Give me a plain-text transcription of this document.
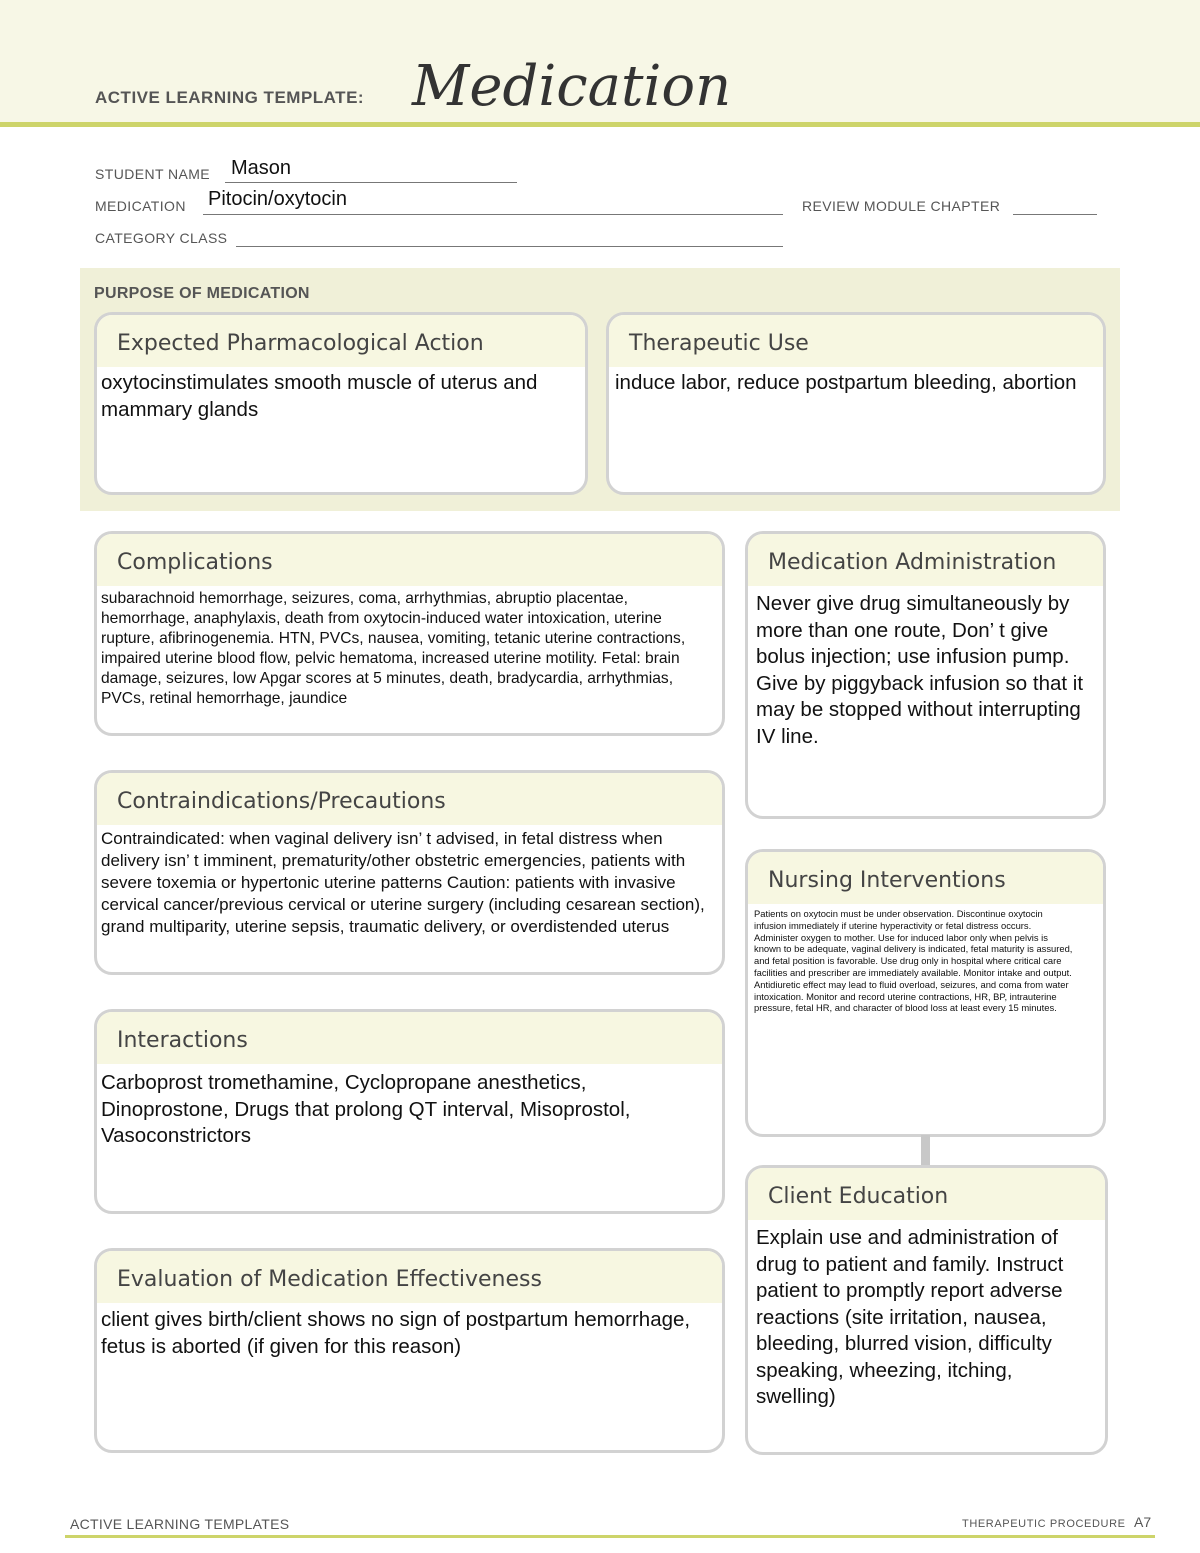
ACTIVE LEARNING TEMPLATE: Medication
STUDENT NAME Mason
MEDICATION Pitocin/oxytocin	REVIEW MODULE CHAPTER
CATEGORY CLASS
PURPOSE OF MEDICATION
Expected Pharmacological Action
oxytocinstimulates smooth muscle of uterus and mammary glands
Therapeutic Use
induce labor, reduce postpartum bleeding, abortion
Complications
subarachnoid hemorrhage, seizures, coma, arrhythmias, abruptio placentae, hemorrhage, anaphylaxis, death from oxytocin-induced water intoxication, uterine rupture, afibrinogenemia. HTN, PVCs, nausea, vomiting, tetanic uterine contractions, impaired uterine blood flow, pelvic hematoma, increased uterine motility. Fetal: brain damage, seizures, low Apgar scores at 5 minutes, death, bradycardia, arrhythmias, PVCs, retinal hemorrhage, jaundice
Contraindications/Precautions
Contraindicated: when vaginal delivery isn’ t advised, in fetal distress when delivery isn’ t imminent, prematurity/other obstetric emergencies, patients with severe toxemia or hypertonic uterine patterns Caution: patients with invasive cervical cancer/previous cervical or uterine surgery (including cesarean section), grand multiparity, uterine sepsis, traumatic delivery, or overdistended uterus
Interactions
Carboprost tromethamine, Cyclopropane anesthetics, Dinoprostone, Drugs that prolong QT interval, Misoprostol, Vasoconstrictors
Evaluation of Medication Effectiveness
client gives birth/client shows no sign of postpartum hemorrhage, fetus is aborted (if given for this reason)
Medication Administration
Never give drug simultaneously by more than one route, Don’ t give bolus injection; use infusion pump. Give by piggyback infusion so that it may be stopped without interrupting IV line.
Nursing Interventions
Patients on oxytocin must be under observation. Discontinue oxytocin infusion immediately if uterine hyperactivity or fetal distress occurs. Administer oxygen to mother. Use for induced labor only when pelvis is known to be adequate, vaginal delivery is indicated, fetal maturity is assured, and fetal position is favorable. Use drug only in hospital where critical care facilities and prescriber are immediately available. Monitor intake and output. Antidiuretic effect may lead to fluid overload, seizures, and coma from water intoxication. Monitor and record uterine contractions, HR, BP, intrauterine pressure, fetal HR, and character of blood loss at least every 15 minutes.
Client Education
Explain use and administration of drug to patient and family. Instruct patient to promptly report adverse reactions (site irritation, nausea, bleeding, blurred vision, difficulty speaking, wheezing, itching, swelling)
ACTIVE LEARNING TEMPLATES	THERAPEUTIC PROCEDURE A7
